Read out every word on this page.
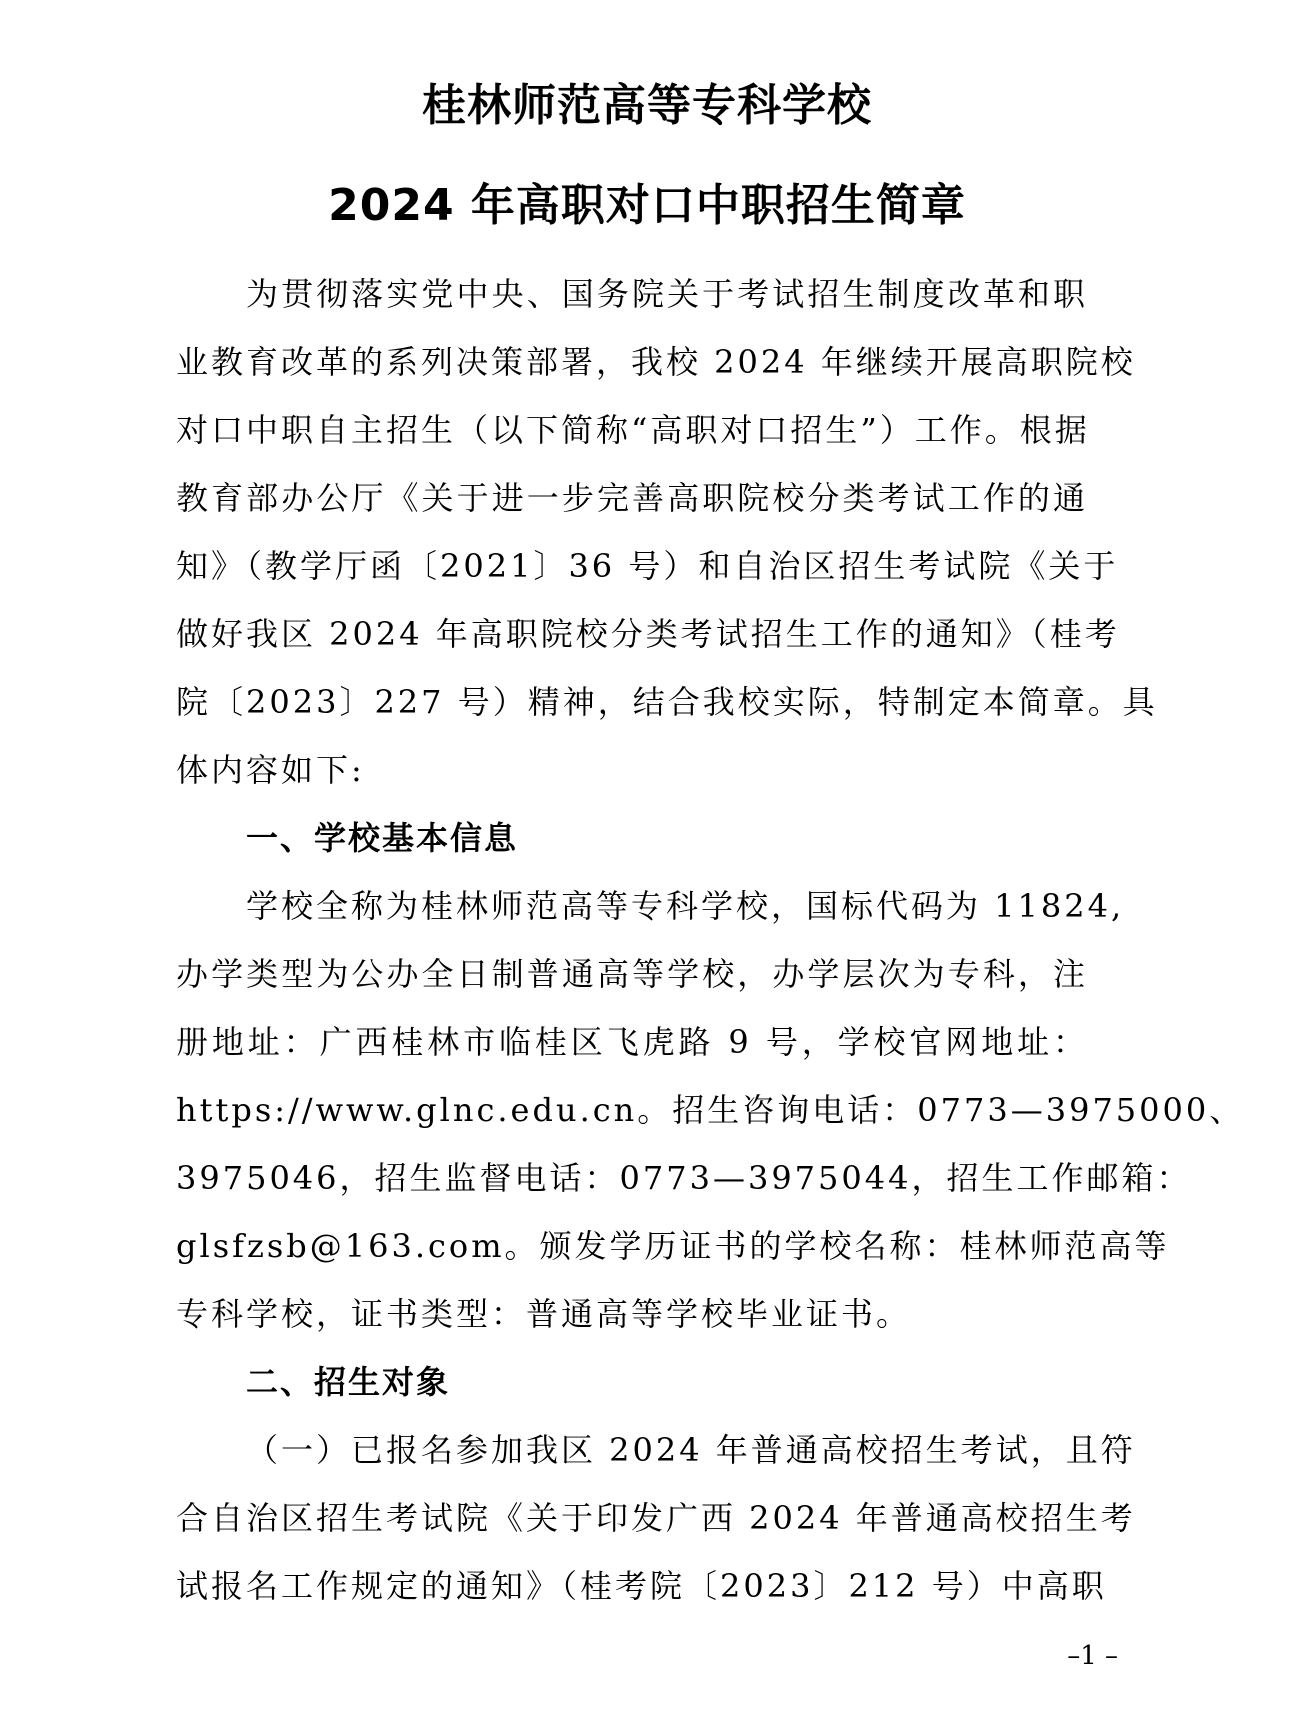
桂林师范高等专科学校
2024 年高职对口中职招生简章
为贯彻落实党中央、国务院关于考试招生制度改革和职
业教育改革的系列决策部署，我校 2024 年继续开展高职院校
对口中职自主招生（以下简称“高职对口招生”）工作。根据
教育部办公厅《关于进一步完善高职院校分类考试工作的通
知》（教学厅函〔2021〕36 号）和自治区招生考试院《关于
做好我区 2024 年高职院校分类考试招生工作的通知》（桂考
院〔2023〕227 号）精神，结合我校实际，特制定本简章。具
体内容如下:
一、学校基本信息
学校全称为桂林师范高等专科学校，国标代码为 11824,
办学类型为公办全日制普通高等学校，办学层次为专科，注
册地址：广西桂林市临桂区飞虎路 9 号，学校官网地址：
https://www.glnc.edu.cn。招生咨询电话：0773—3975000、
3975046，招生监督电话：0773—3975044，招生工作邮箱：
glsfzsb@163.com。颁发学历证书的学校名称：桂林师范高等
专科学校，证书类型：普通高等学校毕业证书。
二、招生对象
（一）已报名参加我区 2024 年普通高校招生考试，且符
合自治区招生考试院《关于印发广西 2024 年普通高校招生考
试报名工作规定的通知》（桂考院〔2023〕212 号）中高职
–1 –
